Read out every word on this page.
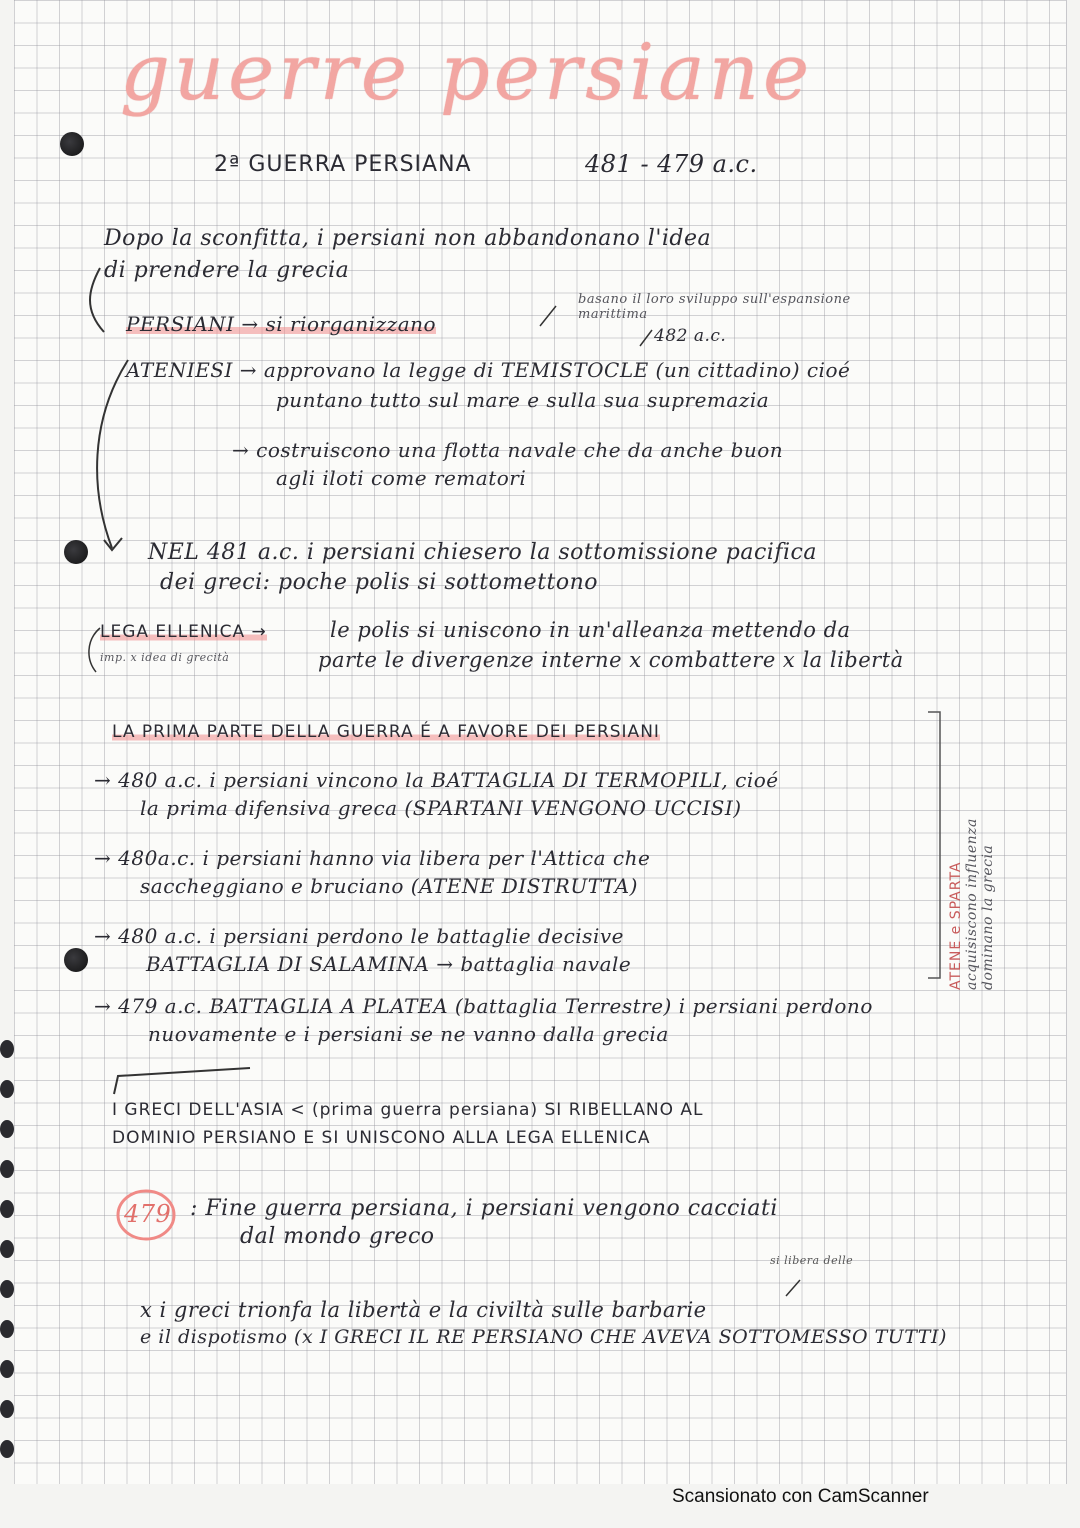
guerre persiane
2ª GUERRA PERSIANA	481 - 479 a.c.
Dopo la sconfitta, i persiani non abbandonano l'idea
di prendere la grecia
basano il loro sviluppo sull'espansione marittima
PERSIANI → si riorganizzano	482 a.c.
ATENIESI → approvano la legge di TEMISTOCLE (un cittadino) cioé
puntano tutto sul mare e sulla sua supremazia
→ costruiscono una flotta navale che da anche buon
agli iloti come rematori
NEL 481 a.c. i persiani chiesero la sottomissione pacifica
dei greci: poche polis si sottomettono
LEGA ELLENICA →	le polis si uniscono in un'alleanza mettendo da
parte le divergenze interne x combattere x la libertà
imp. x idea di grecità
LA PRIMA PARTE DELLA GUERRA É A FAVORE DEI PERSIANI
→ 480 a.c. i persiani vincono la BATTAGLIA DI TERMOPILI, cioé
la prima difensiva greca (SPARTANI VENGONO UCCISI)
→ 480a.c. i persiani hanno via libera per l'Attica che
saccheggiano e bruciano (ATENE DISTRUTTA)
→ 480 a.c. i persiani perdono le battaglie decisive
BATTAGLIA DI SALAMINA → battaglia navale
→ 479 a.c. BATTAGLIA A PLATEA (battaglia Terrestre) i persiani perdono
nuovamente e i persiani se ne vanno dalla grecia
ATENE e SPARTA acquisiscono influenza dominano la grecia
I GRECI DELL'ASIA < (prima guerra persiana) SI RIBELLANO AL
DOMINIO PERSIANO E SI UNISCONO ALLA LEGA ELLENICA
479 : Fine guerra persiana, i persiani vengono cacciati
dal mondo greco
si libera delle
x i greci trionfa la libertà e la civiltà sulle barbarie
e il dispotismo (x I GRECI IL RE PERSIANO CHE AVEVA SOTTOMESSO TUTTI)
Scansionato con CamScanner
